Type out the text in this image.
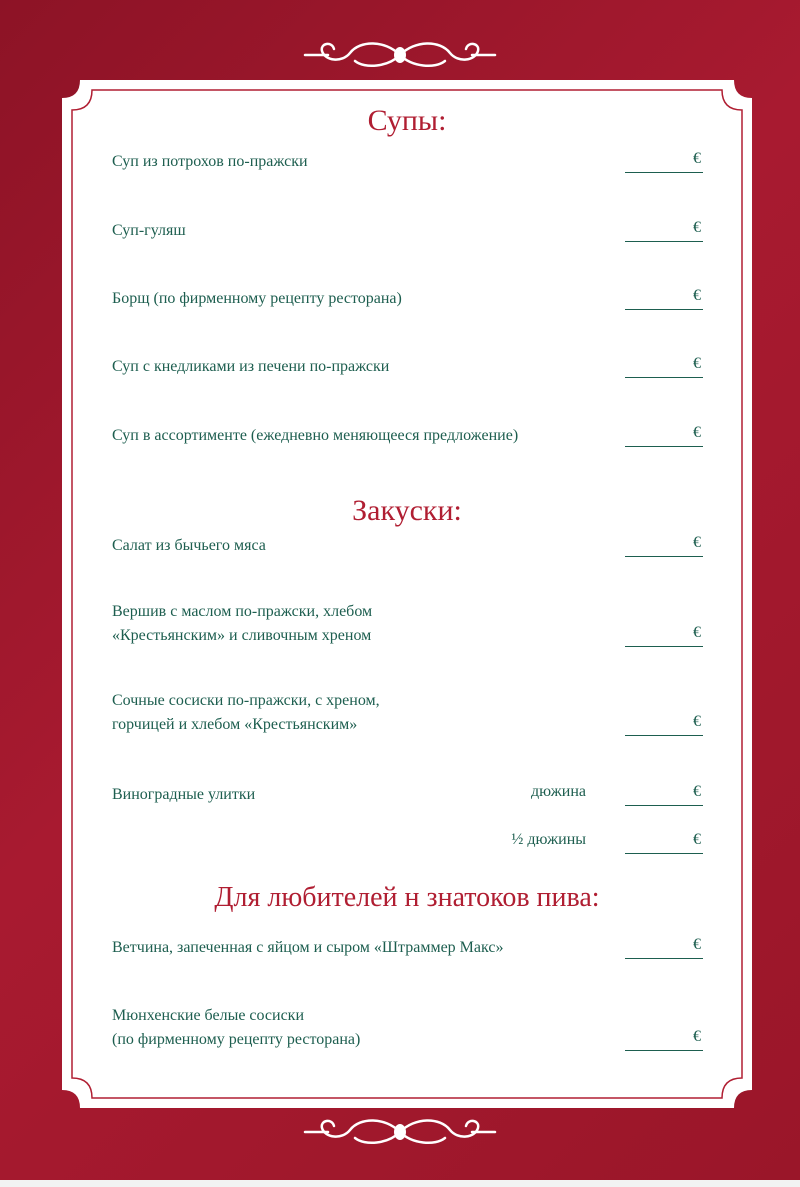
Супы:
Суп из потрохов по-пражски	€
Суп-гуляш	€
Борщ (по фирменному рецепту ресторана)	€
Суп с кнедликами из печени по-пражски	€
Суп в ассортименте (ежедневно меняющееся предложение)	€
Закуски:
Салат из бычьего мяса	€
Вершив с маслом по-пражски, хлебом
«Крестьянским» и сливочным хреном	€
Сочные сосиски по-пражски, с хреном,
горчицей и хлебом «Крестьянским»	€
Виноградные улитки	дюжина	€
½ дюжины	€
Для любителей н знатоков пива:
Ветчина, запеченная с яйцом и сыром «Штраммер Макс»	€
Мюнхенские белые сосиски
(по фирменному рецепту ресторана)	€
